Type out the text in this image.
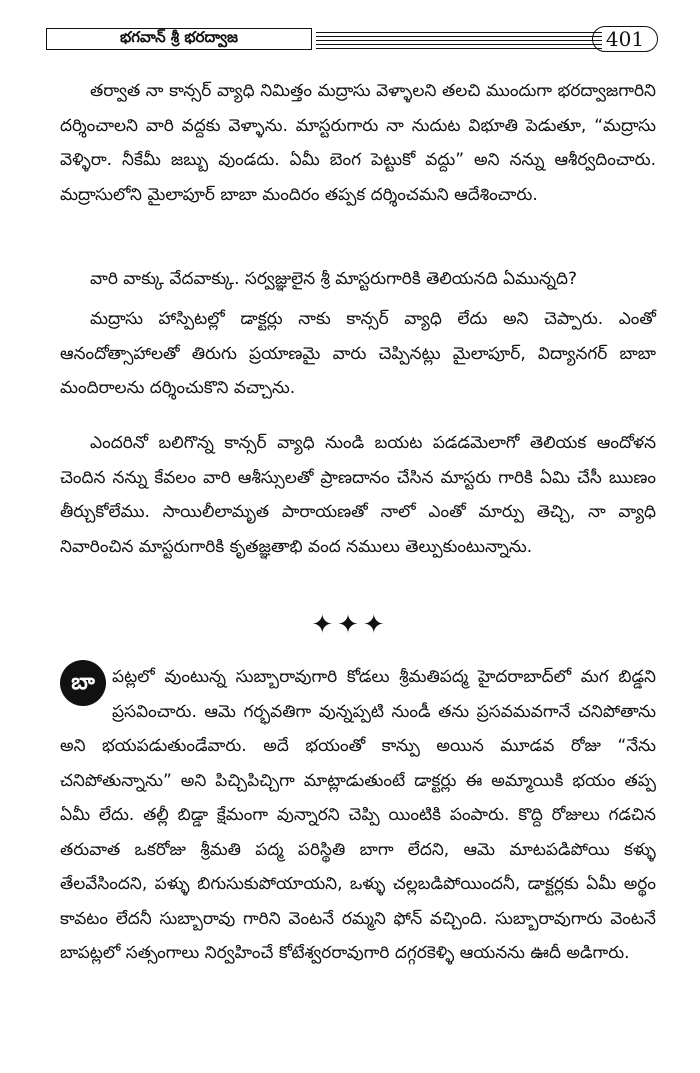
భగవాన్ శ్రీ భరద్వాజ	401

తర్వాత నా కాన్సర్ వ్యాధి నిమిత్తం మద్రాసు వెళ్ళాలని తలచి ముందుగా భరద్వాజగారిని దర్శించాలని వారి వద్దకు వెళ్ళాను. మాస్టరుగారు నా నుదుట విభూతి పెడుతూ, “మద్రాసు వెళ్ళిరా. నీకేమీ జబ్బు వుండదు. ఏమీ బెంగ పెట్టుకో వద్దు” అని నన్ను ఆశీర్వదించారు. మద్రాసులోని మైలాపూర్ బాబా మందిరం తప్పక దర్శించమని ఆదేశించారు.

వారి వాక్కు వేదవాక్కు. సర్వజ్ఞులైన శ్రీ మాస్టరుగారికి తెలియనది ఏమున్నది?

మద్రాసు హాస్పిటల్లో డాక్టర్లు నాకు కాన్సర్ వ్యాధి లేదు అని చెప్పారు. ఎంతో ఆనందోత్సాహాలతో తిరుగు ప్రయాణమై వారు చెప్పినట్లు మైలాపూర్, విద్యానగర్ బాబా మందిరాలను దర్శించుకొని వచ్చాను.

ఎందరినో బలిగొన్న కాన్సర్ వ్యాధి నుండి బయట పడడమెలాగో తెలియక ఆందోళన చెందిన నన్ను కేవలం వారి ఆశీస్సులతో ప్రాణదానం చేసిన మాస్టరు గారికి ఏమి చేసీ ఋణం తీర్చుకోలేము. సాయిలీలామృత పారాయణతో నాలో ఎంతో మార్పు తెచ్చి, నా వ్యాధి నివారించిన మాస్టరుగారికి కృతజ్ఞతాభి వంద నములు తెల్పుకుంటున్నాను.

✦✦✦

బా	పట్లలో వుంటున్న సుబ్బారావుగారి కోడలు శ్రీమతిపద్మ హైదరాబాద్‌లో మగ బిడ్డని ప్రసవించారు. ఆమె గర్భవతిగా వున్నప్పటి నుండీ తను ప్రసవమవగానే చనిపోతాను అని భయపడుతుండేవారు. అదే భయంతో కాన్పు అయిన మూడవ రోజు “నేను చనిపోతున్నాను” అని పిచ్చిపిచ్చిగా మాట్లాడుతుంటే డాక్టర్లు ఈ అమ్మాయికి భయం తప్ప ఏమీ లేదు. తల్లీ బిడ్డా క్షేమంగా వున్నారని చెప్పి యింటికి పంపారు. కొద్ది రోజులు గడచిన తరువాత ఒకరోజు శ్రీమతి పద్మ పరిస్థితి బాగా లేదని, ఆమె మాటపడిపోయి కళ్ళు తేలవేసిందని, పళ్ళు బిగుసుకుపోయాయని, ఒళ్ళు చల్లబడిపోయిందనీ, డాక్టర్లకు ఏమీ అర్థం కావటం లేదనీ సుబ్బారావు గారిని వెంటనే రమ్మని ఫోన్ వచ్చింది. సుబ్బారావుగారు వెంటనే బాపట్లలో సత్సంగాలు నిర్వహించే కోటేశ్వరరావుగారి దగ్గరకెళ్ళి ఆయనను ఊదీ అడిగారు.
